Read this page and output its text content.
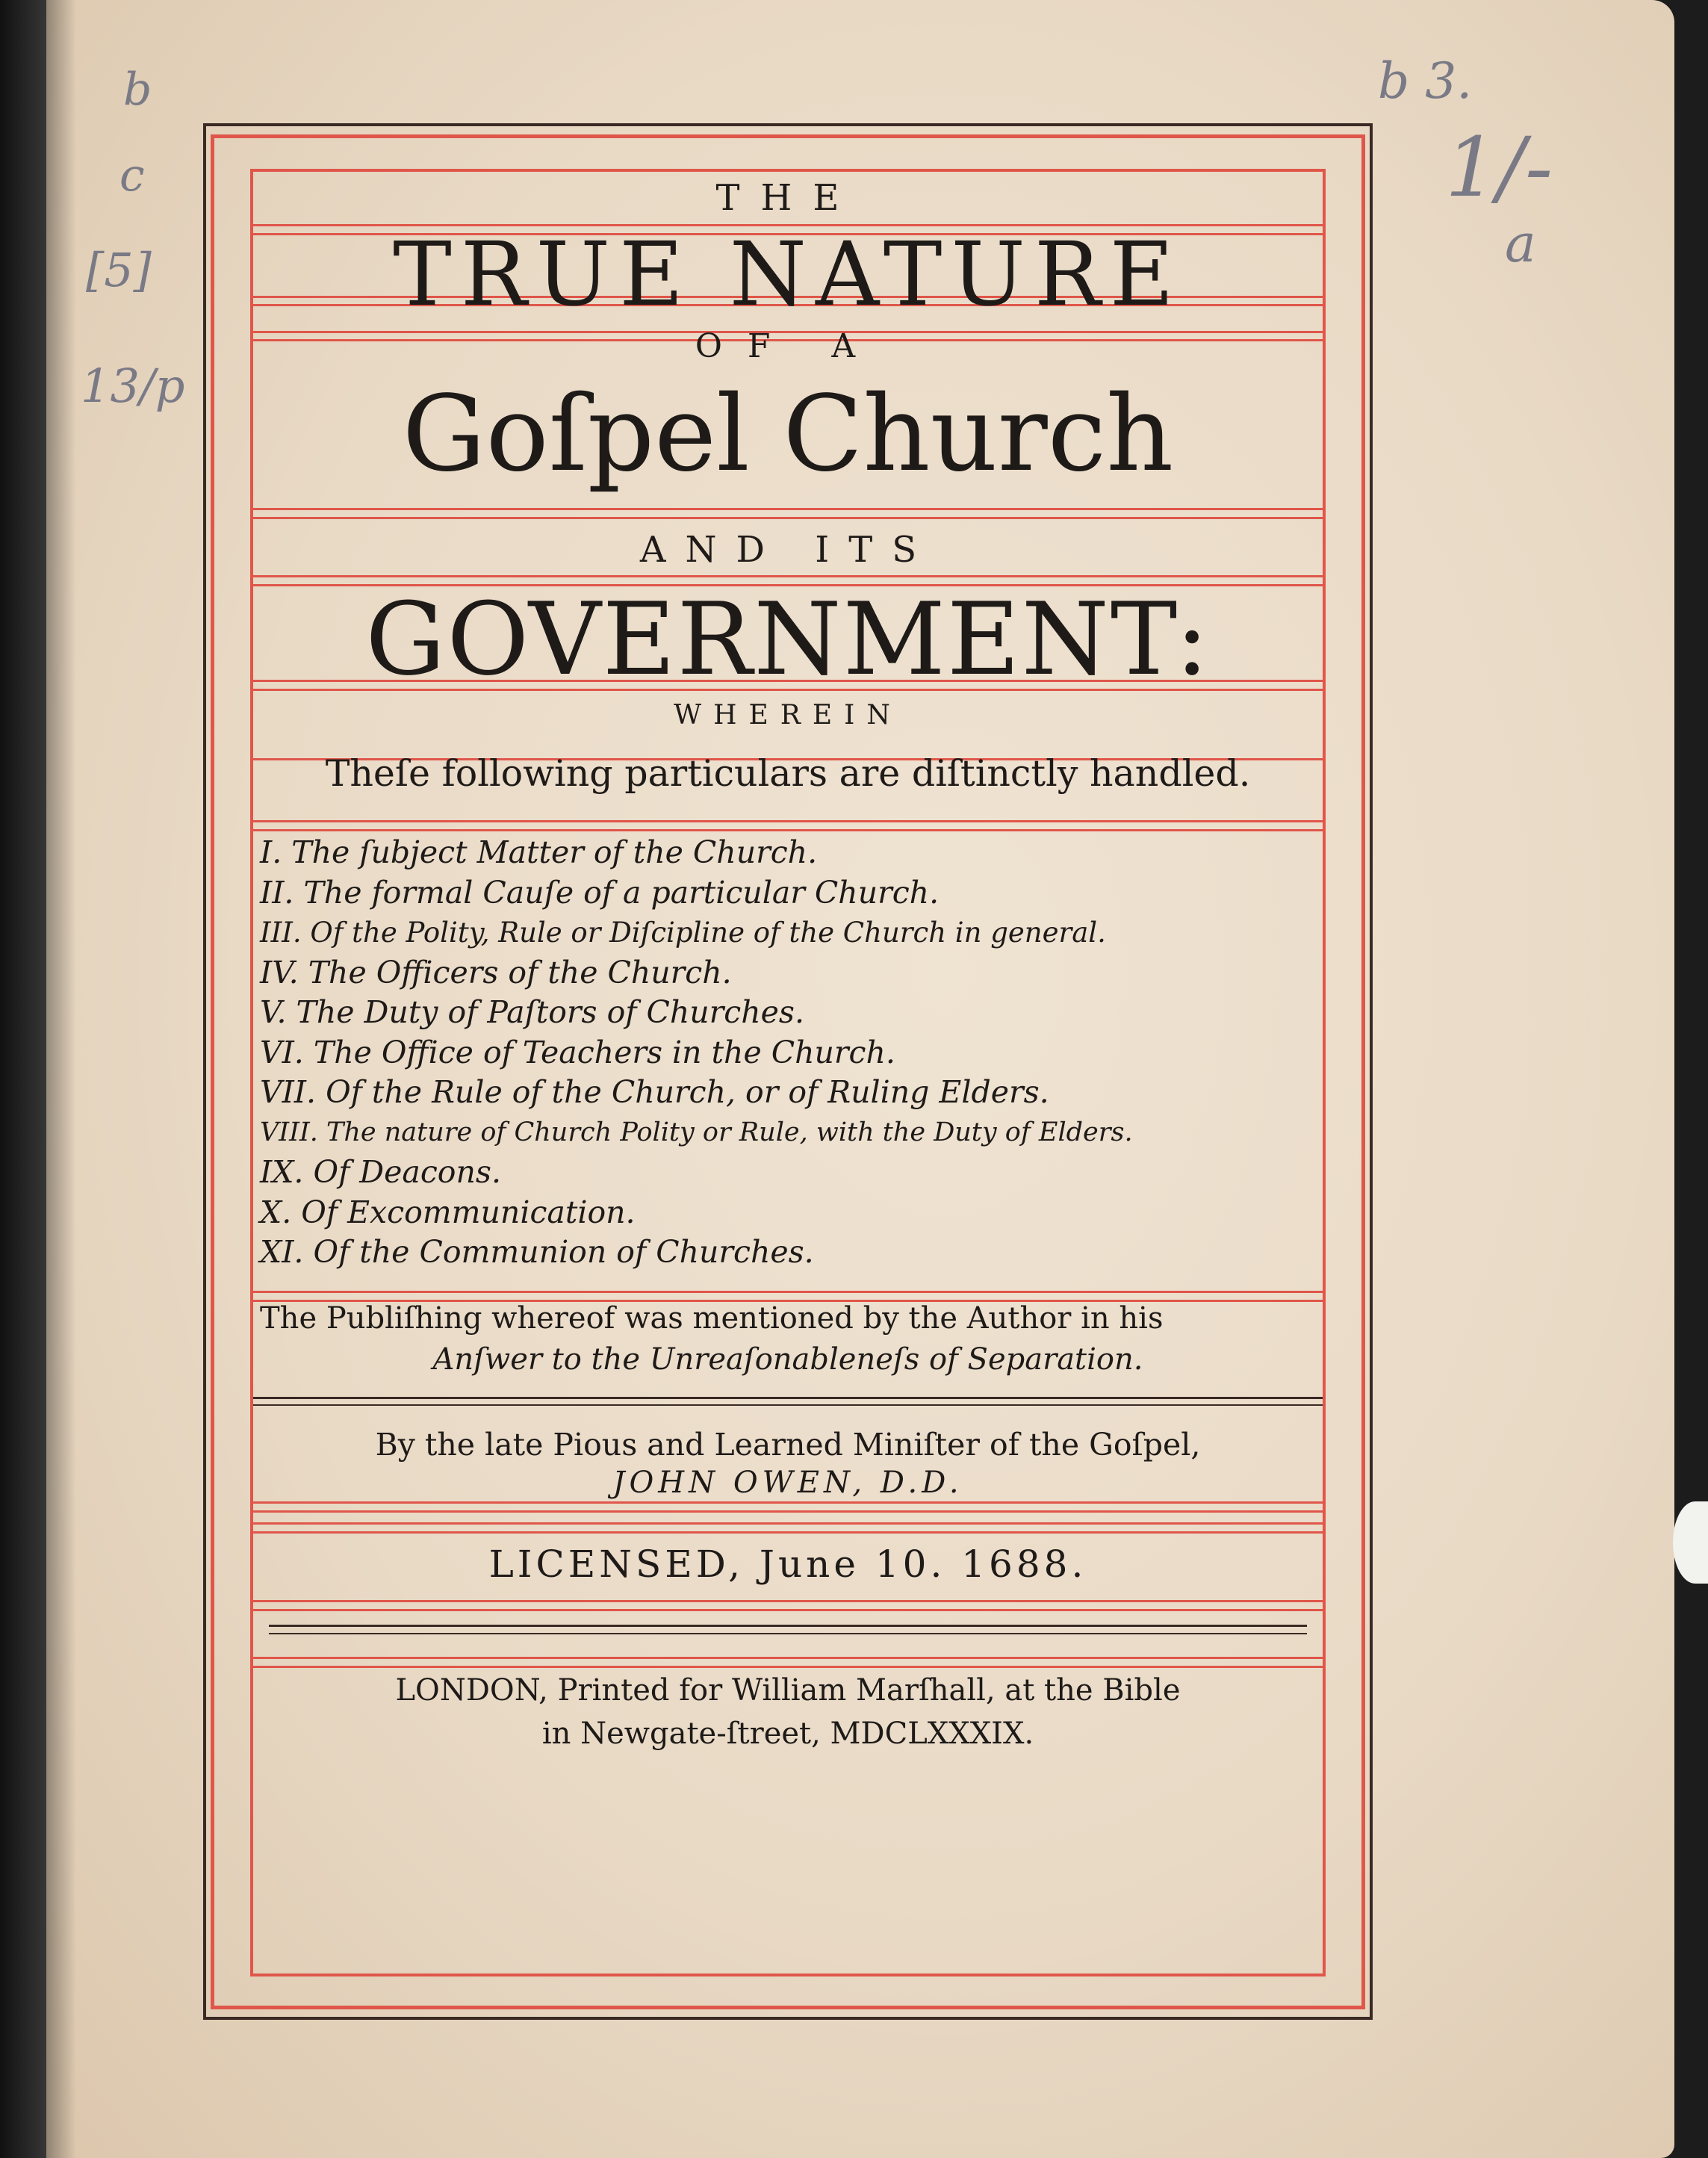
b
c
[5]
13/p
b 3.
1/-
a
THE
TRUE NATURE
OF A
Goſpel Church
AND ITS
GOVERNMENT:
WHEREIN
Theſe following particulars are diſtinctly handled.
I. The ſubject Matter of the Church.
II. The formal Cauſe of a particular Church.
III. Of the Polity, Rule or Diſcipline of the Church in general.
IV. The Officers of the Church.
V. The Duty of Paſtors of Churches.
VI. The Office of Teachers in the Church.
VII. Of the Rule of the Church, or of Ruling Elders.
VIII. The nature of Church Polity or Rule, with the Duty of Elders.
IX. Of Deacons.
X. Of Excommunication.
XI. Of the Communion of Churches.
The Publiſhing whereof was mentioned by the Author in his
Anſwer to the Unreaſonableneſs of Separation.
By the late Pious and Learned Miniſter of the Goſpel,
JOHN OWEN, D.D.
LICENSED, June 10. 1688.
LONDON, Printed for William Marſhall, at the Bible
in Newgate-ſtreet, MDCLXXXIX.
